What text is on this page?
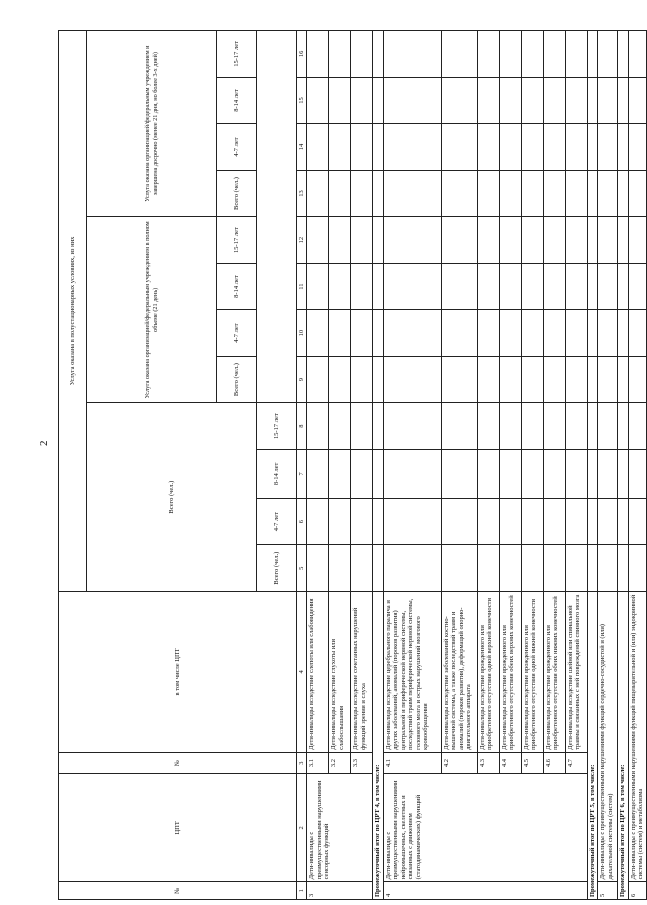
2
№	ЦПТ	№	в том числе ЦПТ	Услуга оказана в полустационарных условиях, из них											
				Всего (чел.)				Услуга оказана организацией/федеральным учреждением в полном объеме (21 день)				Услуга оказана организацией/федеральным учреждением и завершена досрочно (менее 21 дня, но более 3-х дней)			
								Всего (чел.)	4-7 лет	8-14 лет	15-17 лет	Всего (чел.)	4-7 лет	8-14 лет	15-17 лет
				Всего (чел.)	4-7 лет	8-14 лет	15-17 лет								
1	2	3	4	5	6	7	8	9	10	11	12	13	14	15	16
3	Дети-инвалиды с преимущественными нарушениями сенсорных функций	3.1	Дети-инвалиды вследствие слепоты или слабовидения												
		3.2	Дети-инвалиды вследствие глухоты или слабослышания												
		3.3	Дети-инвалиды вследствие сочетанных нарушений функций зрения и слуха												
Промежуточный итог по ЦРТ 4, в том числе:															
4	Дети-инвалиды с преимущественными нарушениями нейромышечных, скелетных и связанных с движением (статодинамических) функций	4.1	Дети-инвалиды вследствие церебрального паралича и других заболеваний, аномалий (пороков развития) центральной и периферической нервной системы, последствий травм периферической нервной системы, головного мозга и острых нарушений мозгового кровообращения												
		4.2	Дети-инвалиды вследствие заболеваний костно-мышечной системы, а также последствий травм и аномалий (пороков развития), деформаций опорно-двигательного аппарата												
		4.3	Дети-инвалиды вследствие врожденного или приобретенного отсутствия одной верхней конечности												
		4.4	Дети-инвалиды вследствие врожденного или приобретенного отсутствия обеих верхних конечностей												
		4.5	Дети-инвалиды вследствие врожденного или приобретенного отсутствия одной нижней конечности												
		4.6	Дети-инвалиды вследствие врожденного или приобретенного отсутствия обеих нижних конечностей												
		4.7	Дети-инвалиды вследствие шейной или спинальной травмы и связанных с ней повреждений спинного мозга												
Промежуточный итог по ЦРТ 5, в том числе:															
5	Дети-инвалиды с преимущественными нарушениями функций сердечно-сосудистой и (или) дыхательной системы (систем)														
Промежуточный итог по ЦРТ 6, в том числе:															
6	Дети-инвалиды с преимущественными нарушениями функций пищеварительной и (или) эндокринной системы (систем) и метаболизма														
